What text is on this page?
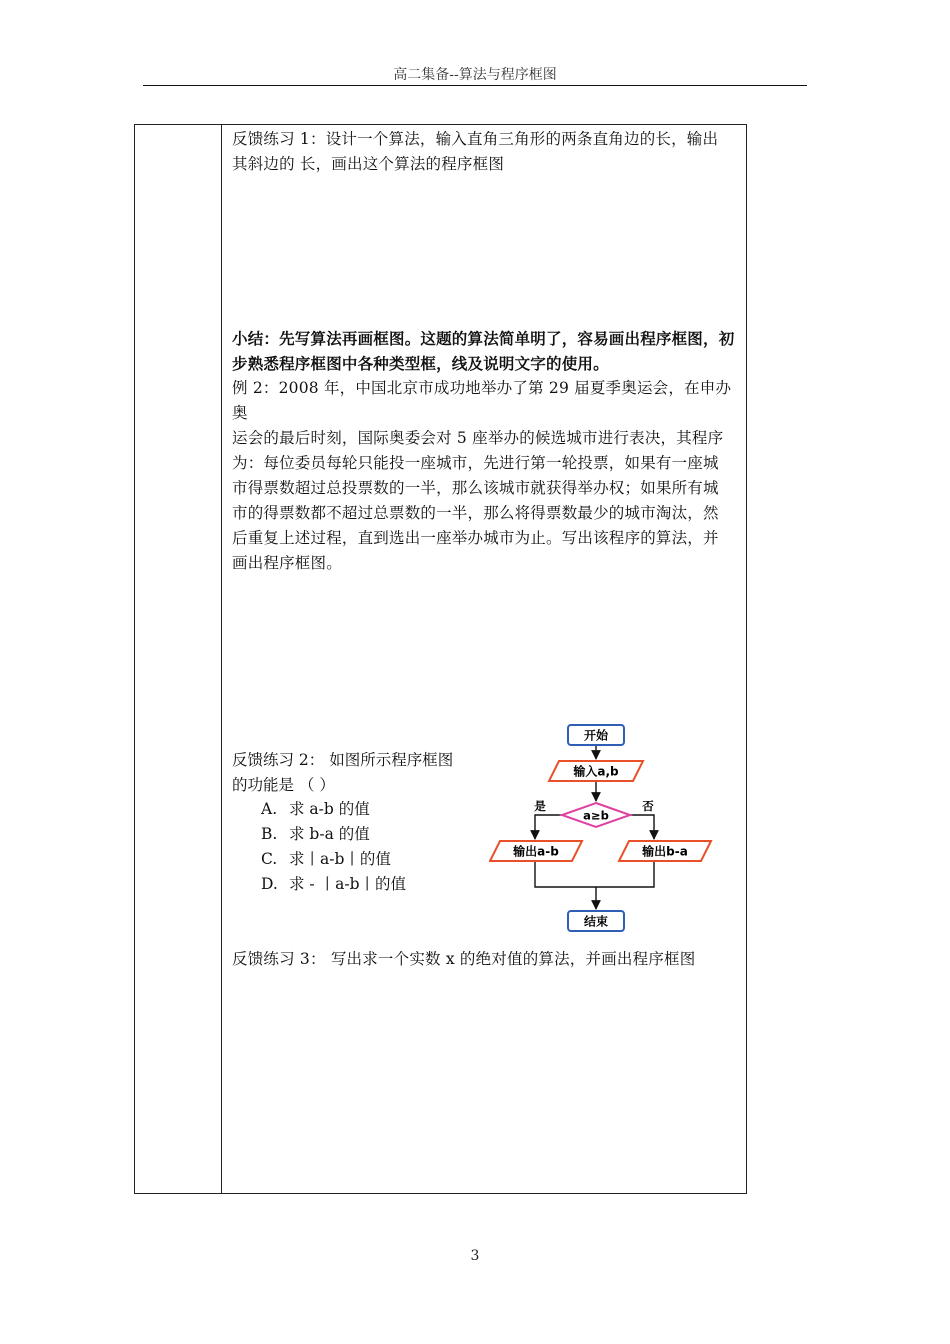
高二集备--算法与程序框图
反馈练习 1：设计一个算法，输入直角三角形的两条直角边的长，输出
其斜边的 长，画出这个算法的程序框图
小结：先写算法再画框图。这题的算法简单明了，容易画出程序框图，初
步熟悉程序框图中各种类型框，线及说明文字的使用。
例 2：2008 年，中国北京市成功地举办了第 29 届夏季奥运会，在申办奥
运会的最后时刻，国际奥委会对 5 座举办的候选城市进行表决，其程序
为：每位委员每轮只能投一座城市，先进行第一轮投票，如果有一座城
市得票数超过总投票数的一半，那么该城市就获得举办权；如果所有城
市的得票数都不超过总票数的一半，那么将得票数最少的城市淘汰，然
后重复上述过程，直到选出一座举办城市为止。写出该程序的算法，并
画出程序框图。
反馈练习 2： 如图所示程序框图
的功能是 （ ）
A. 求 a-b 的值
B. 求 b-a 的值
C. 求丨a-b丨的值
D. 求 - 丨a-b丨的值
开始
输入a,b
a≥b
是	否
输出a-b	输出b-a
结束
反馈练习 3： 写出求一个实数 x 的绝对值的算法，并画出程序框图
3
